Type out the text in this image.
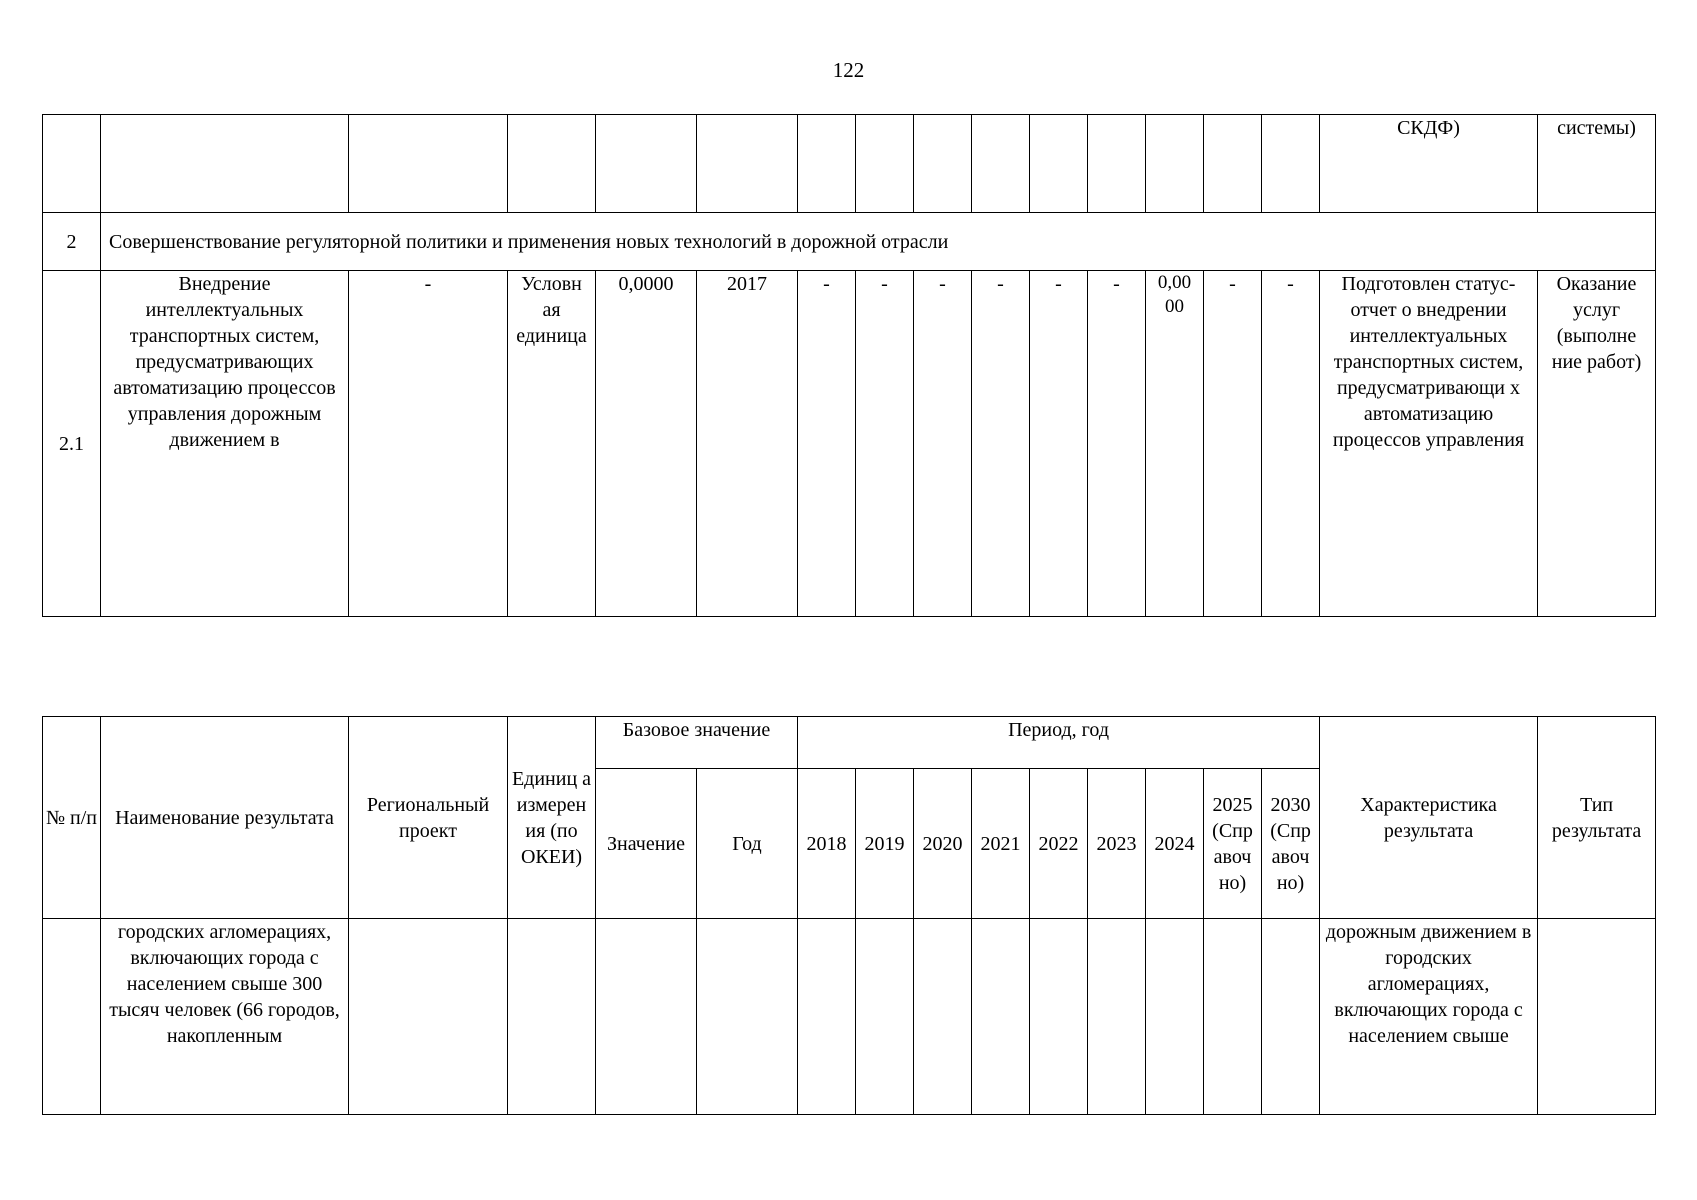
122
															СКДФ)	системы)
2	Совершенствование регуляторной политики и применения новых технологий в дорожной отрасли															
2.1	Внедрение интеллектуальных транспортных систем, предусматривающих автоматизацию процессов управления дорожным движением в	-	Условн ая единица	0,0000	2017	-	-	-	-	-	-	0,00 00	-	-	Подготовлен статус-отчет о внедрении интеллектуальных транспортных систем, предусматривающи х автоматизацию процессов управления	Оказание услуг (выполне ние работ)
№ п/п	Наименование результата	Региональный проект	Единиц а измерен ия (по ОКЕИ)	Базовое значение		Период, год									Характеристика результата	Тип результата
				Значение	Год	2018	2019	2020	2021	2022	2023	2024	2025 (Спр авоч но)	2030 (Спр авоч но)		
	городских агломерациях, включающих города с населением свыше 300 тысяч человек (66 городов, накопленным														дорожным движением в городских агломерациях, включающих города с населением свыше	
